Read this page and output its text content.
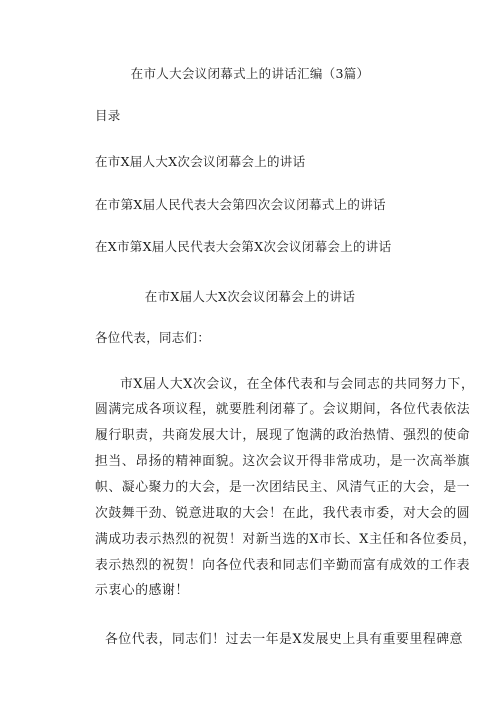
在市人大会议闭幕式上的讲话汇编（3篇）
目录
在市X届人大X次会议闭幕会上的讲话
在市第X届人民代表大会第四次会议闭幕式上的讲话
在X市第X届人民代表大会第X次会议闭幕会上的讲话
在市X届人大X次会议闭幕会上的讲话
各位代表，同志们：
市X届人大X次会议，在全体代表和与会同志的共同努力下，
圆满完成各项议程，就要胜利闭幕了。会议期间，各位代表依法
履行职责，共商发展大计，展现了饱满的政治热情、强烈的使命
担当、昂扬的精神面貌。这次会议开得非常成功，是一次高举旗
帜、凝心聚力的大会，是一次团结民主、风清气正的大会，是一
次鼓舞干劲、锐意进取的大会！在此，我代表市委，对大会的圆
满成功表示热烈的祝贺！对新当选的X市长、X主任和各位委员，
表示热烈的祝贺！向各位代表和同志们辛勤而富有成效的工作表
示衷心的感谢！
各位代表，同志们！过去一年是X发展史上具有重要里程碑意
